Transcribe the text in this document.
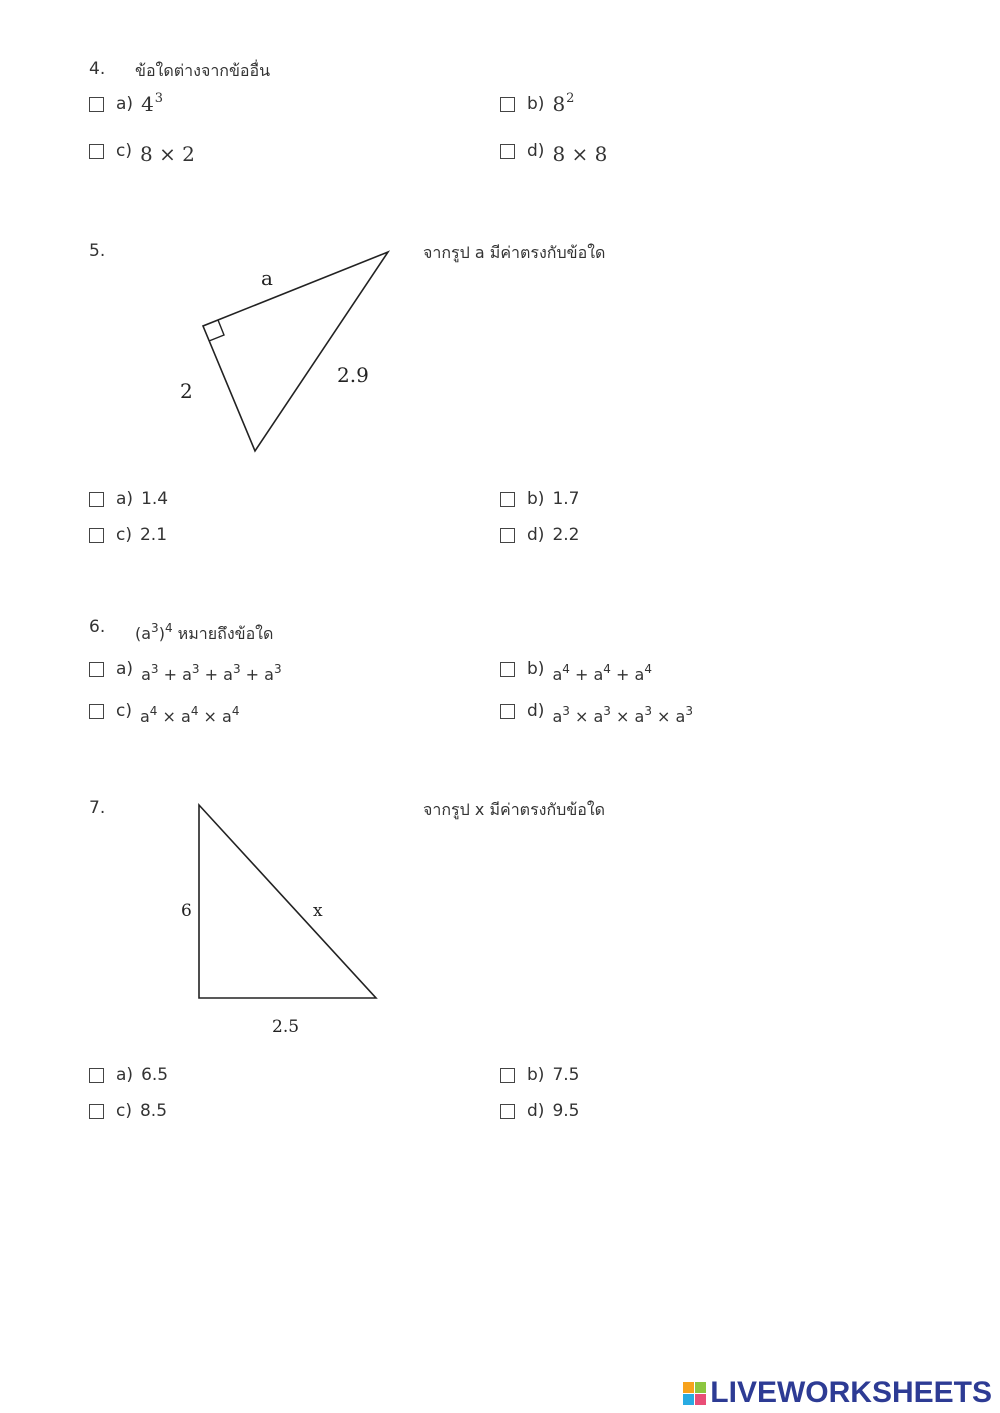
4. ข้อใดต่างจากข้ออื่น
a) $4^3$	b) $8^2$
c) 8 × 2	d) 8 × 8
5.	จากรูป a มีค่าตรงกับข้อใด
a
2
2.9
a) 1.4	b) 1.7
c) 2.1	d) 2.2
6. $(a^3)^4$ หมายถึงข้อใด
a) $a^3 + a^3 + a^3 + a^3$	b) $a^4 + a^4 + a^4$
c) $a^4 \times a^4 \times a^4$	d) $a^3 \times a^3 \times a^3 \times a^3$
7.	จากรูป x มีค่าตรงกับข้อใด
6	x
2.5
a) 6.5	b) 7.5
c) 8.5	d) 9.5
LIVEWORKSHEETS
